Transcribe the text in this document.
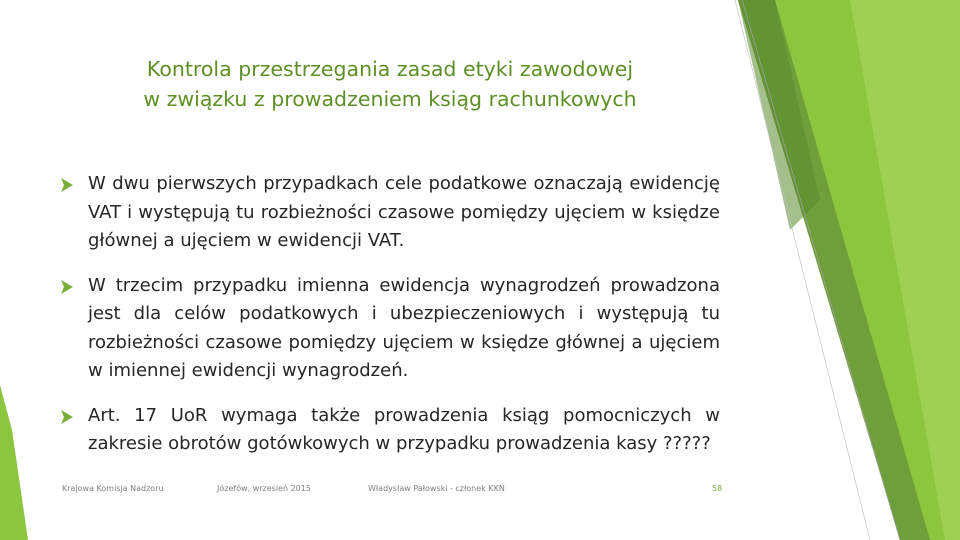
Kontrola przestrzegania zasad etyki zawodowej
w związku z prowadzeniem ksiąg rachunkowych
W dwu pierwszych przypadkach cele podatkowe oznaczają ewidencję VAT i występują tu rozbieżności czasowe pomiędzy ujęciem w księdze głównej a ujęciem w ewidencji VAT.
W trzecim przypadku imienna ewidencja wynagrodzeń prowadzona jest dla celów podatkowych i ubezpieczeniowych i występują tu rozbieżności czasowe pomiędzy ujęciem w księdze głównej a ujęciem w imiennej ewidencji wynagrodzeń.
Art. 17 UoR wymaga także prowadzenia ksiąg pomocniczych w zakresie obrotów gotówkowych w przypadku prowadzenia kasy ?????
Krajowa Komisja Nadzoru	Józefów, wrzesień 2015	Władysław Pałowski - członek KKN	58
